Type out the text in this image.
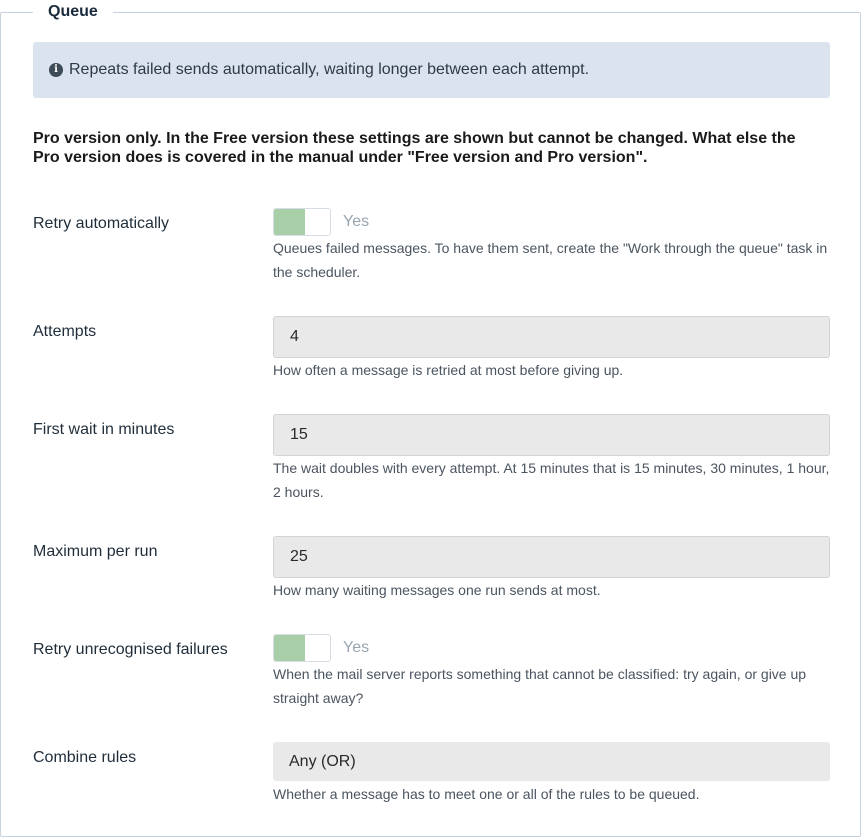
Queue
i Repeats failed sends automatically, waiting longer between each attempt.
Pro version only. In the Free version these settings are shown but cannot be changed. What else the Pro version does is covered in the manual under "Free version and Pro version".
Retry automatically	Yes
Queues failed messages. To have them sent, create the "Work through the queue" task in the scheduler.
Attempts	4
How often a message is retried at most before giving up.
First wait in minutes	15
The wait doubles with every attempt. At 15 minutes that is 15 minutes, 30 minutes, 1 hour, 2 hours.
Maximum per run	25
How many waiting messages one run sends at most.
Retry unrecognised failures	Yes
When the mail server reports something that cannot be classified: try again, or give up straight away?
Combine rules	Any (OR)
Whether a message has to meet one or all of the rules to be queued.
